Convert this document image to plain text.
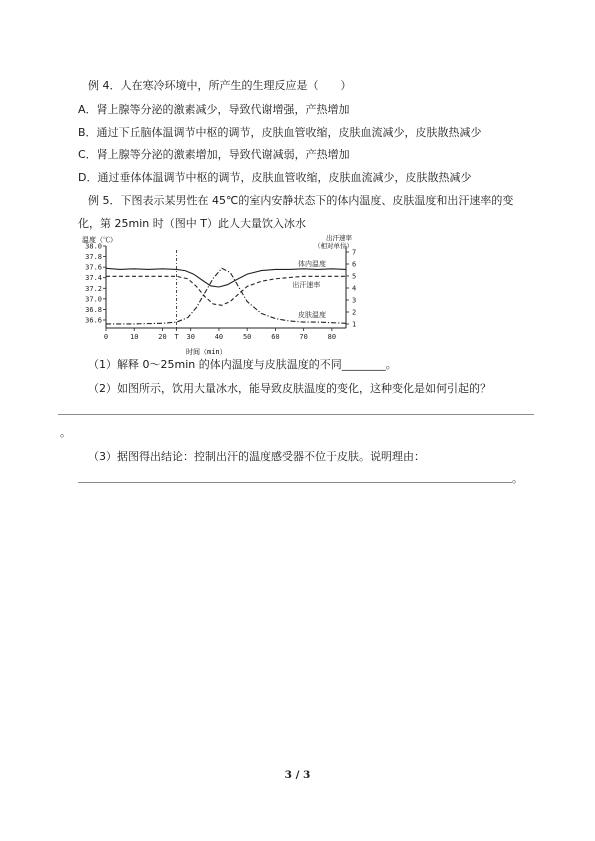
例 4．人在寒冷环境中，所产生的生理反应是（　　）
A．肾上腺等分泌的激素减少，导致代谢增强，产热增加
B．通过下丘脑体温调节中枢的调节，皮肤血管收缩，皮肤血流减少，皮肤散热减少
C．肾上腺等分泌的激素增加，导致代谢减弱，产热增加
D．通过垂体体温调节中枢的调节，皮肤血管收缩，皮肤血流减少，皮肤散热减少
例 5．下图表示某男性在 45℃的室内安静状态下的体内温度、皮肤温度和出汗速率的变
化，第 25min 时（图中 T）此人大量饮入冰水
温度（℃）	出汗速率
（相对单位）
时间（min）
38.0
37.8
37.6
37.4
37.2
37.0
36.8
36.6
7
6
5
4
3
2
1
0	10	20 T 30	40	50	60	70	80
体内温度
出汗速率
皮肤温度
（1）解释 0～25min 的体内温度与皮肤温度的不同________。
（2）如图所示，饮用大量冰水，能导致皮肤温度的变化，这种变化是如何引起的？
。
（3）据图得出结论：控制出汗的温度感受器不位于皮肤。说明理由：
。
3 / 3
